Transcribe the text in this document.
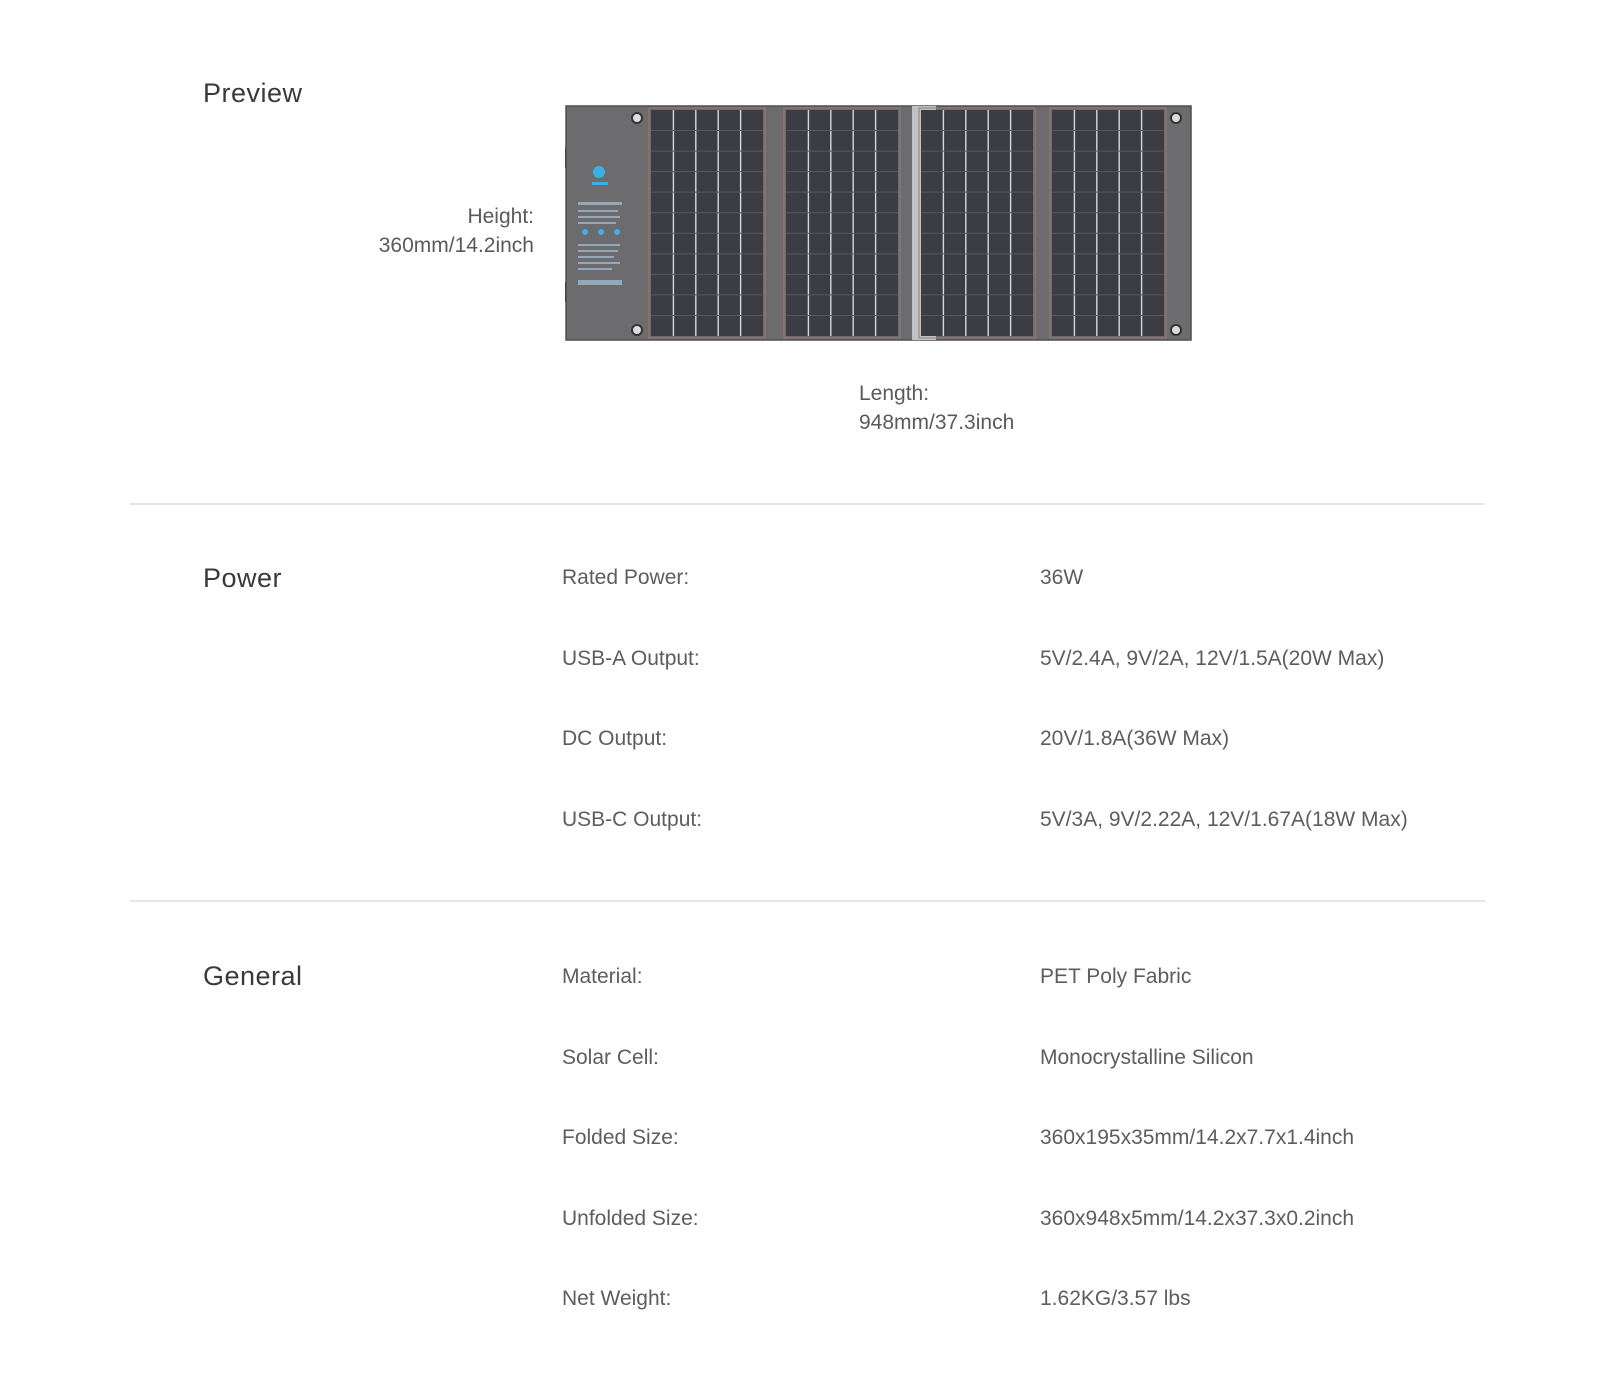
Preview
Height:
360mm/14.2inch
Length:
948mm/37.3inch
Power	Rated Power:	36W
USB-A Output:	5V/2.4A, 9V/2A, 12V/1.5A(20W Max)
DC Output:	20V/1.8A(36W Max)
USB-C Output:	5V/3A, 9V/2.22A, 12V/1.67A(18W Max)
General	Material:	PET Poly Fabric
Solar Cell:	Monocrystalline Silicon
Folded Size:	360x195x35mm/14.2x7.7x1.4inch
Unfolded Size:	360x948x5mm/14.2x37.3x0.2inch
Net Weight:	1.62KG/3.57 lbs
